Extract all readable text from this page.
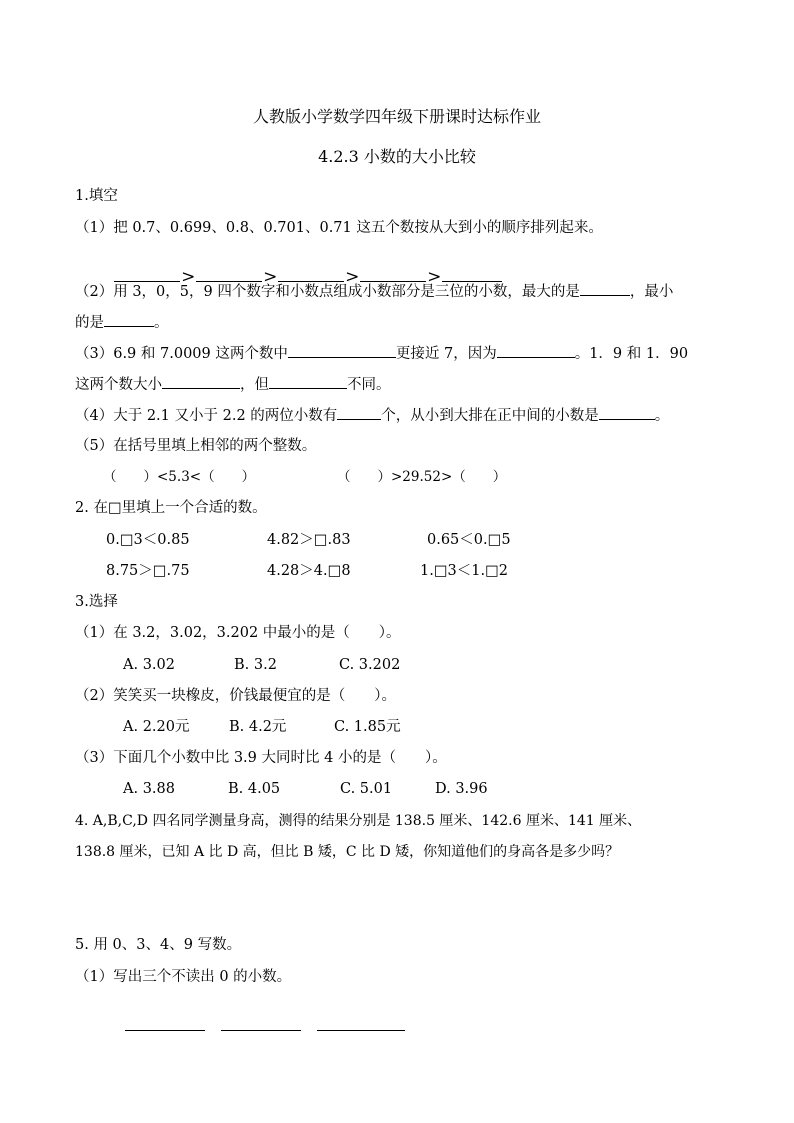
人教版小学数学四年级下册课时达标作业
4.2.3 小数的大小比较
1.填空
（1）把 0.7、0.699、0.8、0.701、0.71 这五个数按从大到小的顺序排列起来。

>	>	>	>

（2）用 3，0，5，9 四个数字和小数点组成小数部分是三位的小数，最大的是	，最小
的是	。
（3）6.9 和 7.0009 这两个数中	更接近 7，因为	。1．9 和 1．90
这两个数大小	，但	不同。
（4）大于 2.1 又小于 2.2 的两位小数有	个，从小到大排在正中间的小数是	。
（5）在括号里填上相邻的两个整数。
（　　）<5.3<（　　）	（　　）>29.52>（　　）
2. 在□里填上一个合适的数。
0.□3＜0.85	4.82＞□.83	0.65＜0.□5
8.75＞□.75	4.28＞4.□8	1.□3＜1.□2
3.选择
（1）在 3.2，3.02，3.202 中最小的是（　　）。
A. 3.02	B. 3.2	C. 3.202
（2）笑笑买一块橡皮，价钱最便宜的是（　　）。
A. 2.20元	B. 4.2元	C. 1.85元
（3）下面几个小数中比 3.9 大同时比 4 小的是（　　）。
A. 3.88	B. 4.05	C. 5.01	D. 3.96
4. A,B,C,D 四名同学测量身高，测得的结果分别是 138.5 厘米、142.6 厘米、141 厘米、
138.8 厘米，已知 A 比 D 高，但比 B 矮，C 比 D 矮，你知道他们的身高各是多少吗？
5. 用 0、3、4、9 写数。
（1）写出三个不读出 0 的小数。
